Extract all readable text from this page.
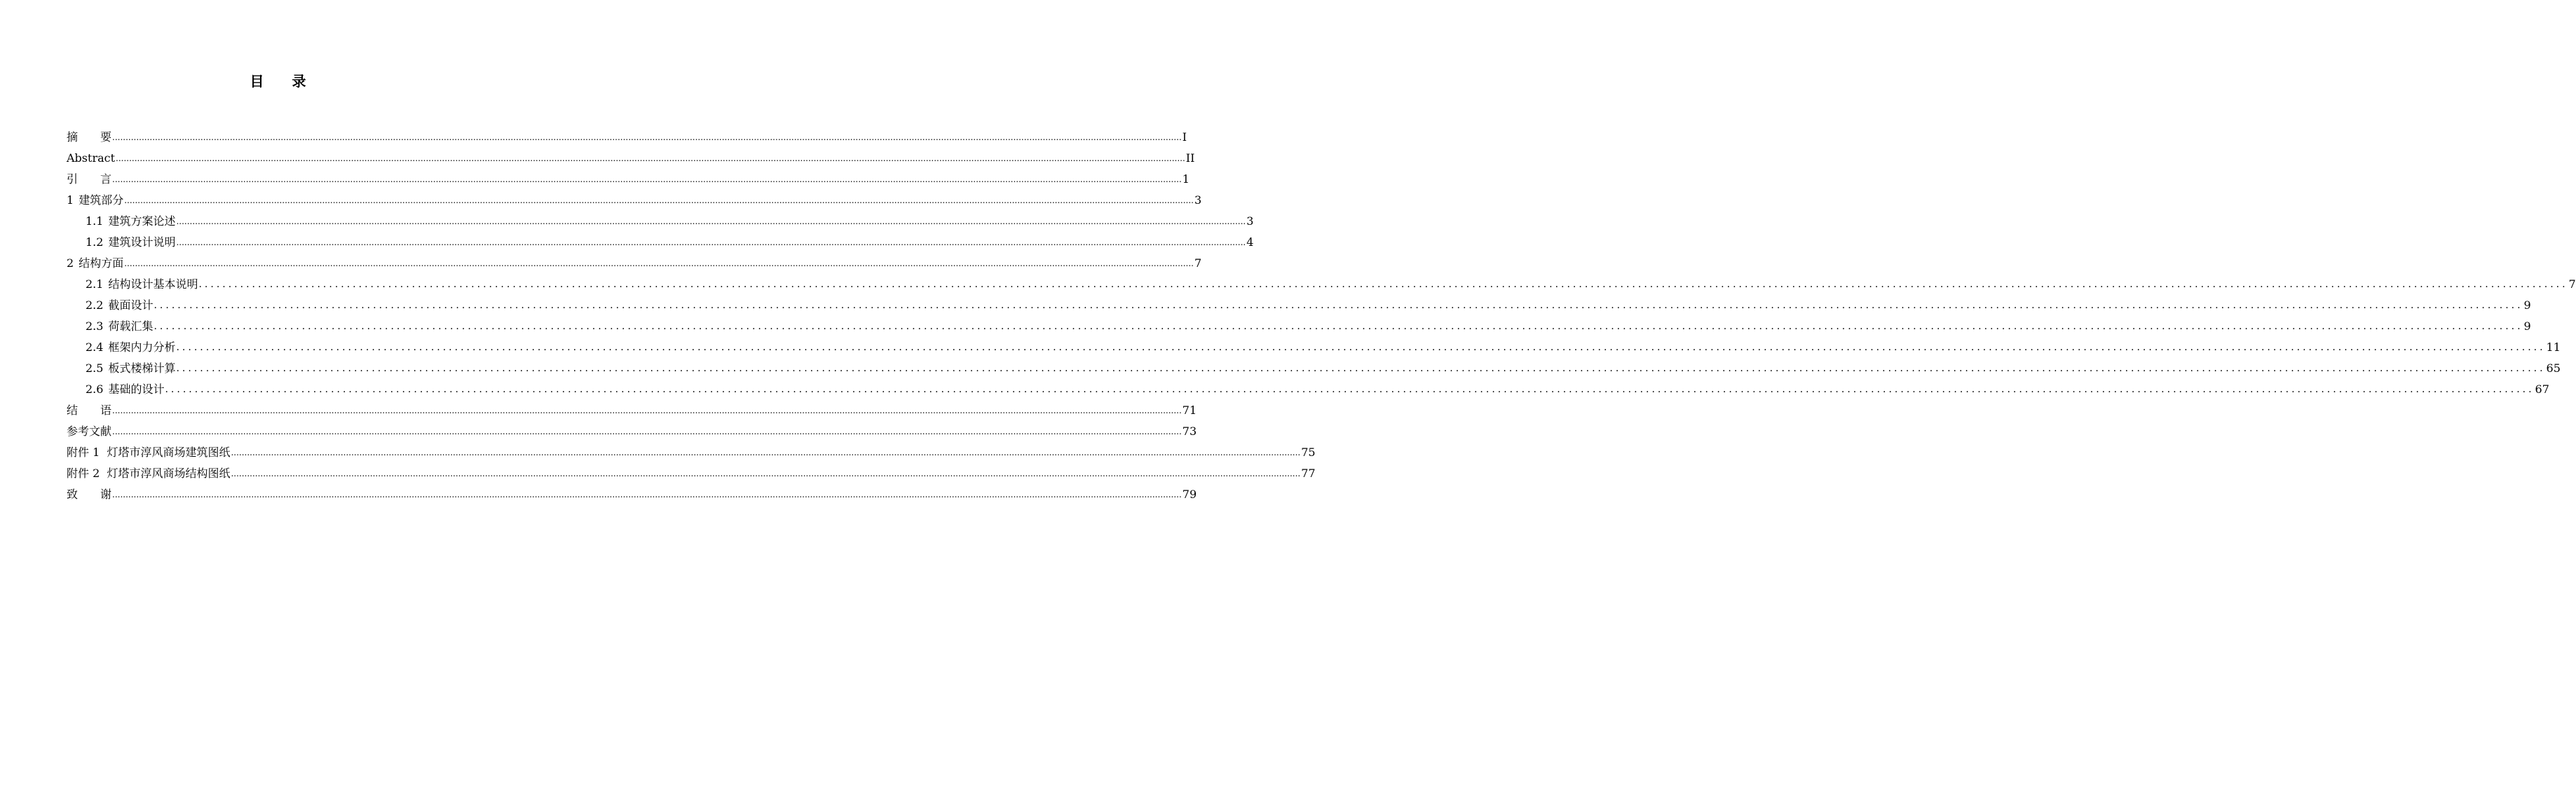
目 录
摘　　要 ................................................................................................................................................................................................................................................................................................................................................................................................................ I
Abstract ................................................................................................................................................................................................................................................................................................................................................................................................................ II
引　　言 ................................................................................................................................................................................................................................................................................................................................................................................................................ 1
1 建筑部分 ................................................................................................................................................................................................................................................................................................................................................................................................................ 3
1.1 建筑方案论述 ................................................................................................................................................................................................................................................................................................................................................................................................................ 3
1.2 建筑设计说明 ................................................................................................................................................................................................................................................................................................................................................................................................................ 4
2 结构方面 ................................................................................................................................................................................................................................................................................................................................................................................................................ 7
2.1 结构设计基本说明 ................................................................................................................................................................................................................................................................................................................................................................................................................ 7
2.2 截面设计 ................................................................................................................................................................................................................................................................................................................................................................................................................ 9
2.3 荷载汇集 ................................................................................................................................................................................................................................................................................................................................................................................................................ 9
2.4 框架内力分析 ................................................................................................................................................................................................................................................................................................................................................................................................................ 11
2.5 板式楼梯计算 ................................................................................................................................................................................................................................................................................................................................................................................................................ 65
2.6 基础的设计 ................................................................................................................................................................................................................................................................................................................................................................................................................ 67
结　　语 ................................................................................................................................................................................................................................................................................................................................................................................................................ 71
参考文献 ................................................................................................................................................................................................................................................................................................................................................................................................................ 73
附件 1  灯塔市淳风商场建筑图纸 ................................................................................................................................................................................................................................................................................................................................................................................................................ 75
附件 2  灯塔市淳风商场结构图纸 ................................................................................................................................................................................................................................................................................................................................................................................................................ 77
致　　谢 ................................................................................................................................................................................................................................................................................................................................................................................................................ 79
